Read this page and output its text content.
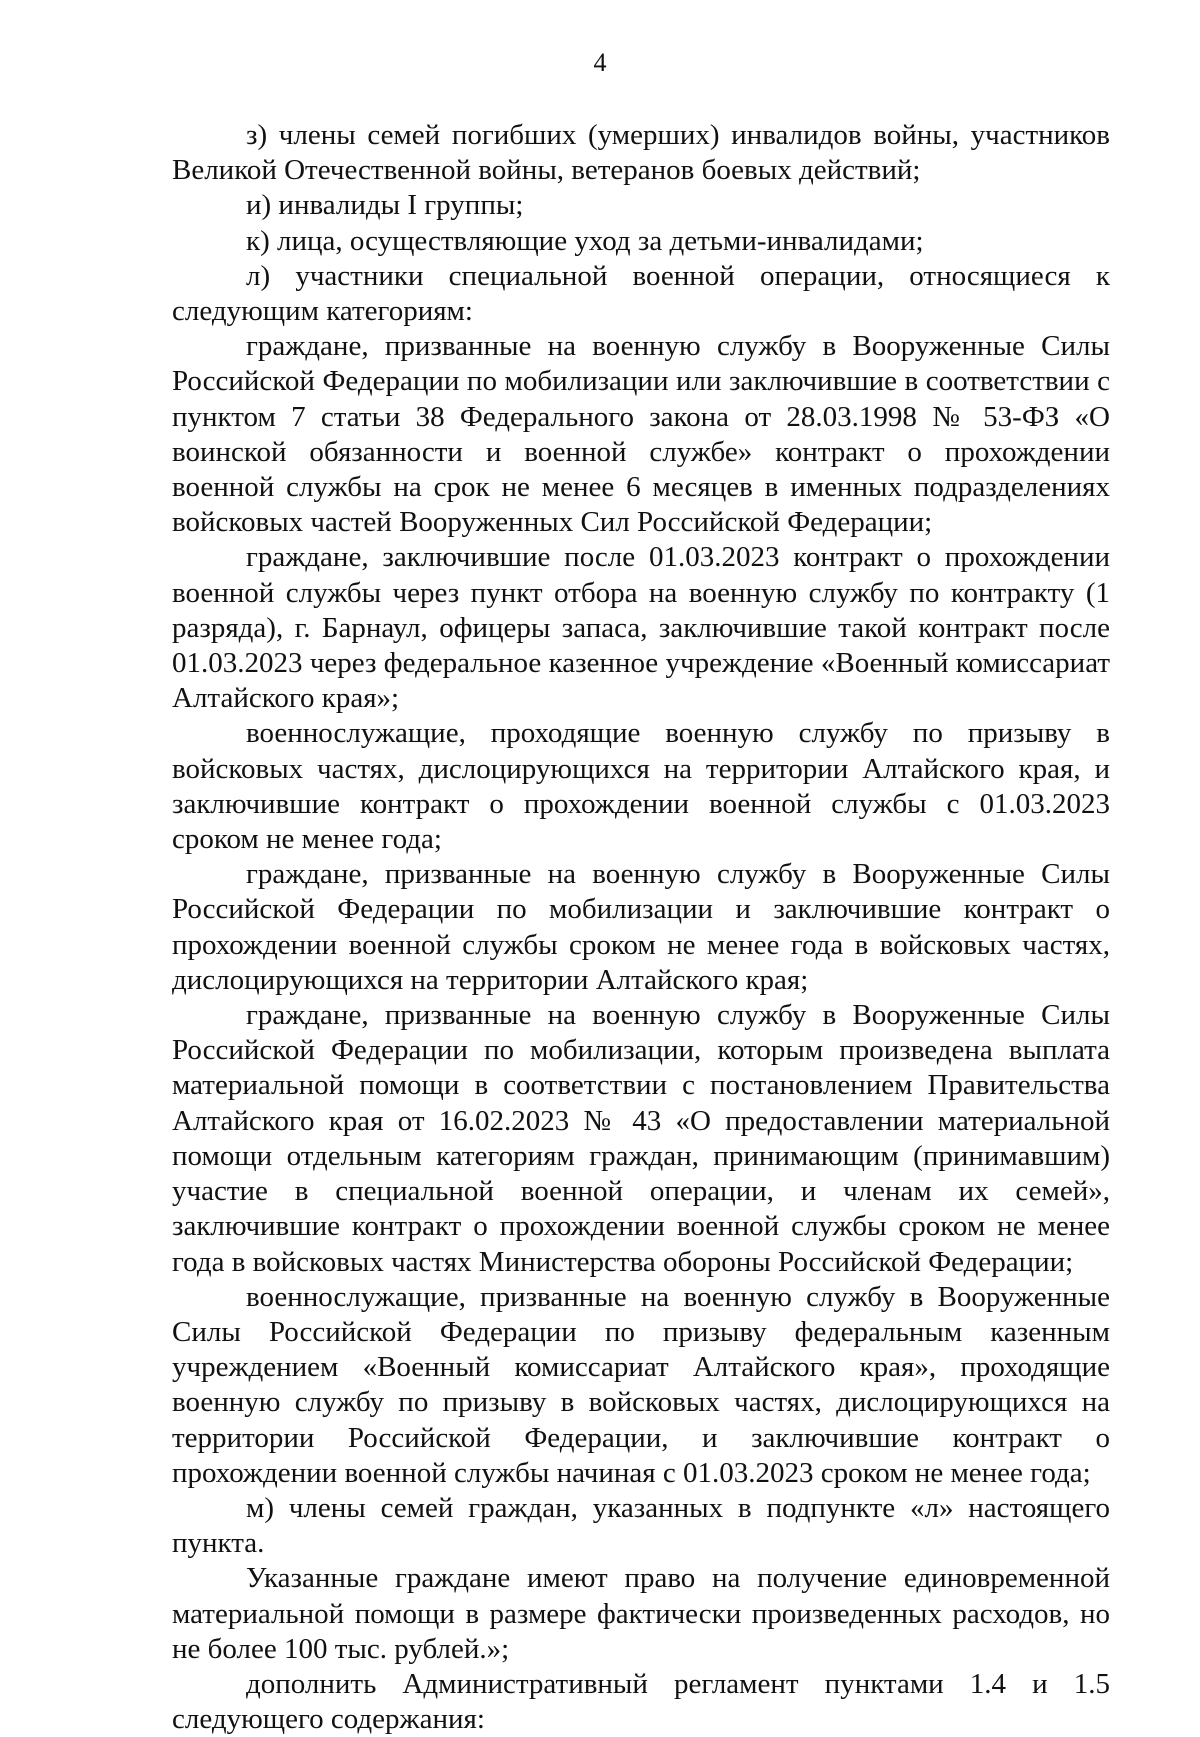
4

з) члены семей погибших (умерших) инвалидов войны, участников Великой Отечественной войны, ветеранов боевых действий;

и) инвалиды I группы;

к) лица, осуществляющие уход за детьми-инвалидами;

л) участники специальной военной операции, относящиеся к следующим категориям:

граждане, призванные на военную службу в Вооруженные Силы Российской Федерации по мобилизации или заключившие в соответствии с пунктом 7 статьи 38 Федерального закона от 28.03.1998 № 53-ФЗ «О воинской обязанности и военной службе» контракт о прохождении военной службы на срок не менее 6 месяцев в именных подразделениях войсковых частей Вооруженных Сил Российской Федерации;

граждане, заключившие после 01.03.2023 контракт о прохождении военной службы через пункт отбора на военную службу по контракту (1 разряда), г. Барнаул, офицеры запаса, заключившие такой контракт после 01.03.2023 через федеральное казенное учреждение «Военный комиссариат Алтайского края»;

военнослужащие, проходящие военную службу по призыву в войсковых частях, дислоцирующихся на территории Алтайского края, и заключившие контракт о прохождении военной службы с 01.03.2023 сроком не менее года;

граждане, призванные на военную службу в Вооруженные Силы Российской Федерации по мобилизации и заключившие контракт о прохождении военной службы сроком не менее года в войсковых частях, дислоцирующихся на территории Алтайского края;

граждане, призванные на военную службу в Вооруженные Силы Российской Федерации по мобилизации, которым произведена выплата материальной помощи в соответствии с постановлением Правительства Алтайского края от 16.02.2023 № 43 «О предоставлении материальной помощи отдельным категориям граждан, принимающим (принимавшим) участие в специальной военной операции, и членам их семей», заключившие контракт о прохождении военной службы сроком не менее года в войсковых частях Министерства обороны Российской Федерации;

военнослужащие, призванные на военную службу в Вооруженные Силы Российской Федерации по призыву федеральным казенным учреждением «Военный комиссариат Алтайского края», проходящие военную службу по призыву в войсковых частях, дислоцирующихся на территории Российской Федерации, и заключившие контракт о прохождении военной службы начиная с 01.03.2023 сроком не менее года;

м) члены семей граждан, указанных в подпункте «л» настоящего пункта.

Указанные граждане имеют право на получение единовременной материальной помощи в размере фактически произведенных расходов, но не более 100 тыс. рублей.»;

дополнить Административный регламент пунктами 1.4 и 1.5 следующего содержания:
